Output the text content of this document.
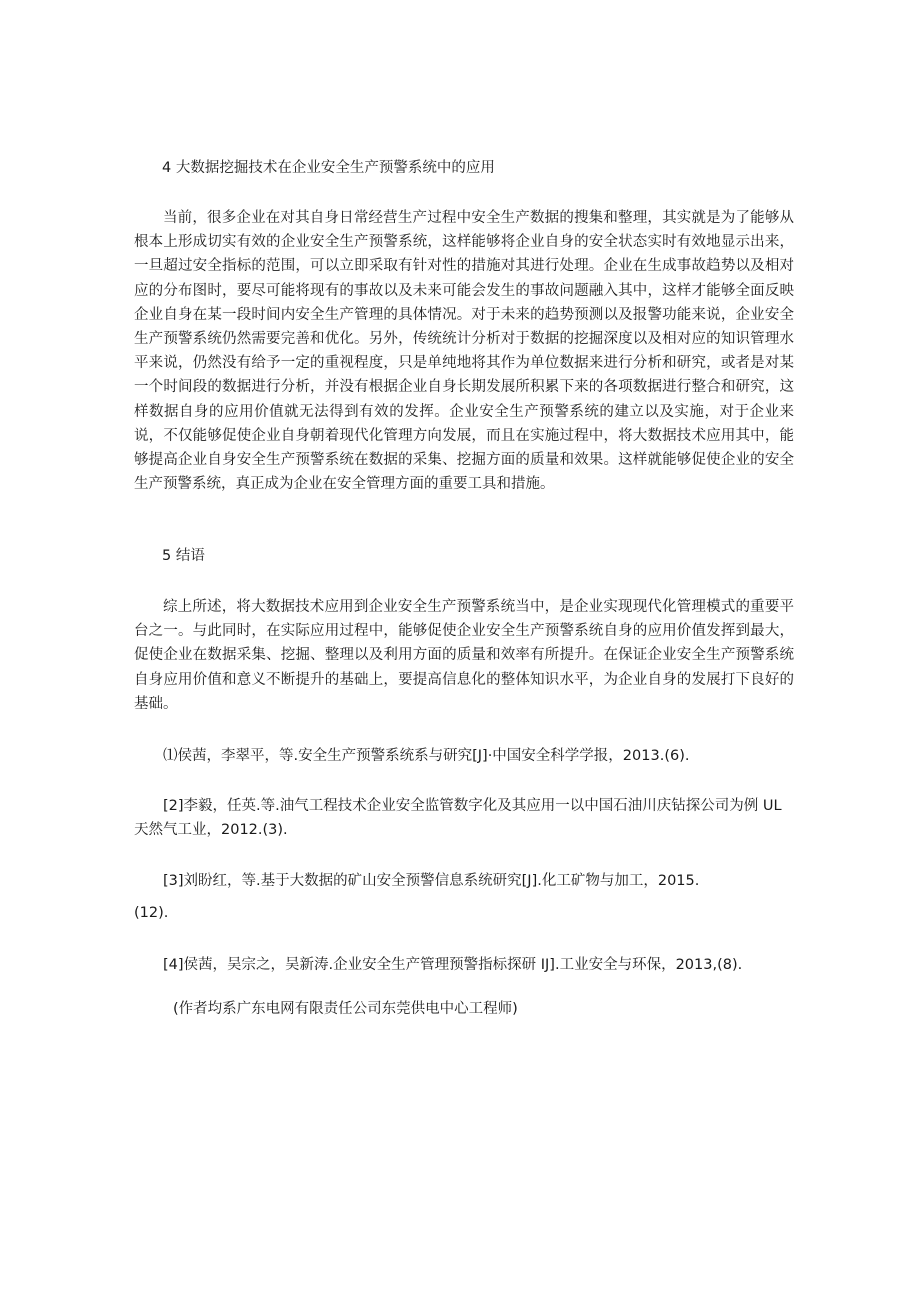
4 大数据挖掘技术在企业安全生产预警系统中的应用

当前，很多企业在对其自身日常经营生产过程中安全生产数据的搜集和整理，其实就是为了能够从根本上形成切实有效的企业安全生产预警系统，这样能够将企业自身的安全状态实时有效地显示出来，一旦超过安全指标的范围，可以立即采取有针对性的措施对其进行处理。企业在生成事故趋势以及相对应的分布图时，要尽可能将现有的事故以及未来可能会发生的事故问题融入其中，这样才能够全面反映企业自身在某一段时间内安全生产管理的具体情况。对于未来的趋势预测以及报警功能来说，企业安全生产预警系统仍然需要完善和优化。另外，传统统计分析对于数据的挖掘深度以及相对应的知识管理水平来说，仍然没有给予一定的重视程度，只是单纯地将其作为单位数据来进行分析和研究，或者是对某一个时间段的数据进行分析，并没有根据企业自身长期发展所积累下来的各项数据进行整合和研究，这样数据自身的应用价值就无法得到有效的发挥。企业安全生产预警系统的建立以及实施，对于企业来说，不仅能够促使企业自身朝着现代化管理方向发展，而且在实施过程中，将大数据技术应用其中，能够提高企业自身安全生产预警系统在数据的采集、挖掘方面的质量和效果。这样就能够促使企业的安全生产预警系统，真正成为企业在安全管理方面的重要工具和措施。

5 结语

综上所述，将大数据技术应用到企业安全生产预警系统当中，是企业实现现代化管理模式的重要平台之一。与此同时，在实际应用过程中，能够促使企业安全生产预警系统自身的应用价值发挥到最大，促使企业在数据采集、挖掘、整理以及利用方面的质量和效率有所提升。在保证企业安全生产预警系统自身应用价值和意义不断提升的基础上，要提高信息化的整体知识水平，为企业自身的发展打下良好的基础。

⑴侯茜，李翠平，等.安全生产预警系统系与研究[J]·中国安全科学学报，2013.(6).
[2]李毅，任英.等.油气工程技术企业安全监管数字化及其应用一以中国石油川庆钻探公司为例 UL
天然气工业，2012.(3).
[3]刘盼红，等.基于大数据的矿山安全预警信息系统研究[J].化工矿物与加工，2015.
(12).
[4]侯茜，吴宗之，吴新涛.企业安全生产管理预警指标探研 IJ].工业安全与环保，2013,(8).
(作者均系广东电网有限责任公司东莞供电中心工程师)
